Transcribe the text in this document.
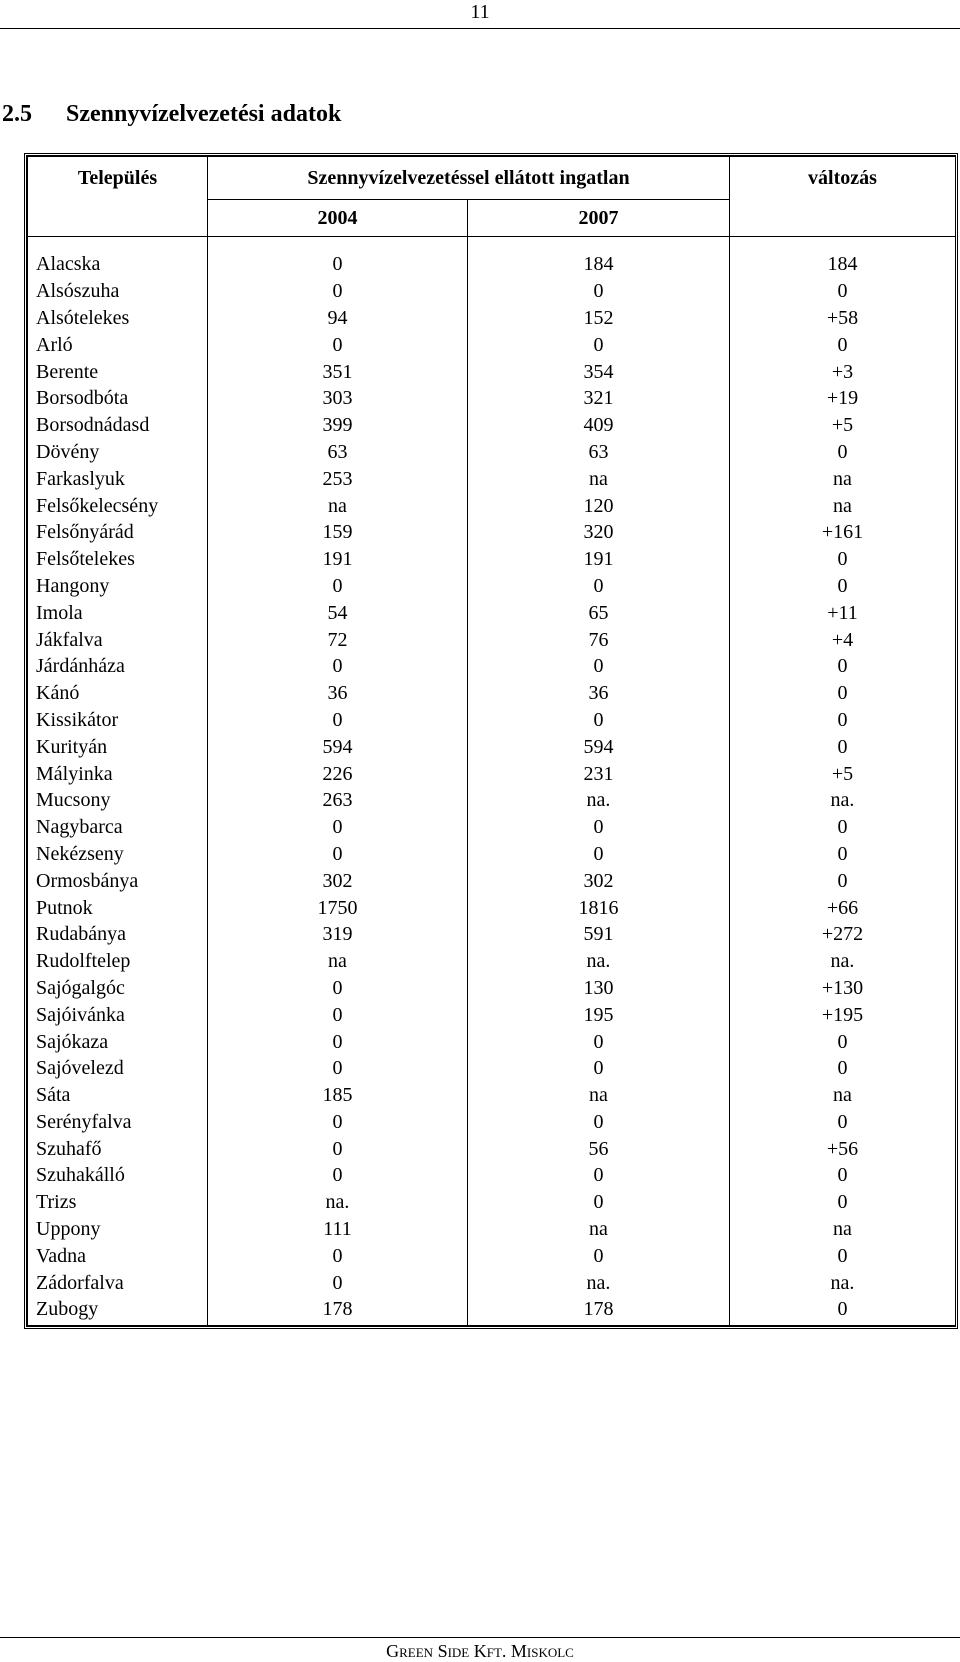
11
2.5 Szennyvízelvezetési adatok
Település	Szennyvízelvezetéssel ellátott ingatlan		változás
	2004	2007	

Alacska	0	184	184
Alsószuha	0	0	0
Alsótelekes	94	152	+58
Arló	0	0	0
Berente	351	354	+3
Borsodbóta	303	321	+19
Borsodnádasd	399	409	+5
Dövény	63	63	0
Farkaslyuk	253	na	na
Felsőkelecsény	na	120	na
Felsőnyárád	159	320	+161
Felsőtelekes	191	191	0
Hangony	0	0	0
Imola	54	65	+11
Jákfalva	72	76	+4
Járdánháza	0	0	0
Kánó	36	36	0
Kissikátor	0	0	0
Kurityán	594	594	0
Mályinka	226	231	+5
Mucsony	263	na.	na.
Nagybarca	0	0	0
Nekézseny	0	0	0
Ormosbánya	302	302	0
Putnok	1750	1816	+66
Rudabánya	319	591	+272
Rudolftelep	na	na.	na.
Sajógalgóc	0	130	+130
Sajóivánka	0	195	+195
Sajókaza	0	0	0
Sajóvelezd	0	0	0
Sáta	185	na	na
Serényfalva	0	0	0
Szuhafő	0	56	+56
Szuhakálló	0	0	0
Trizs	na.	0	0
Uppony	111	na	na
Vadna	0	0	0
Zádorfalva	0	na.	na.
Zubogy	178	178	0
Green Side Kft. Miskolc
